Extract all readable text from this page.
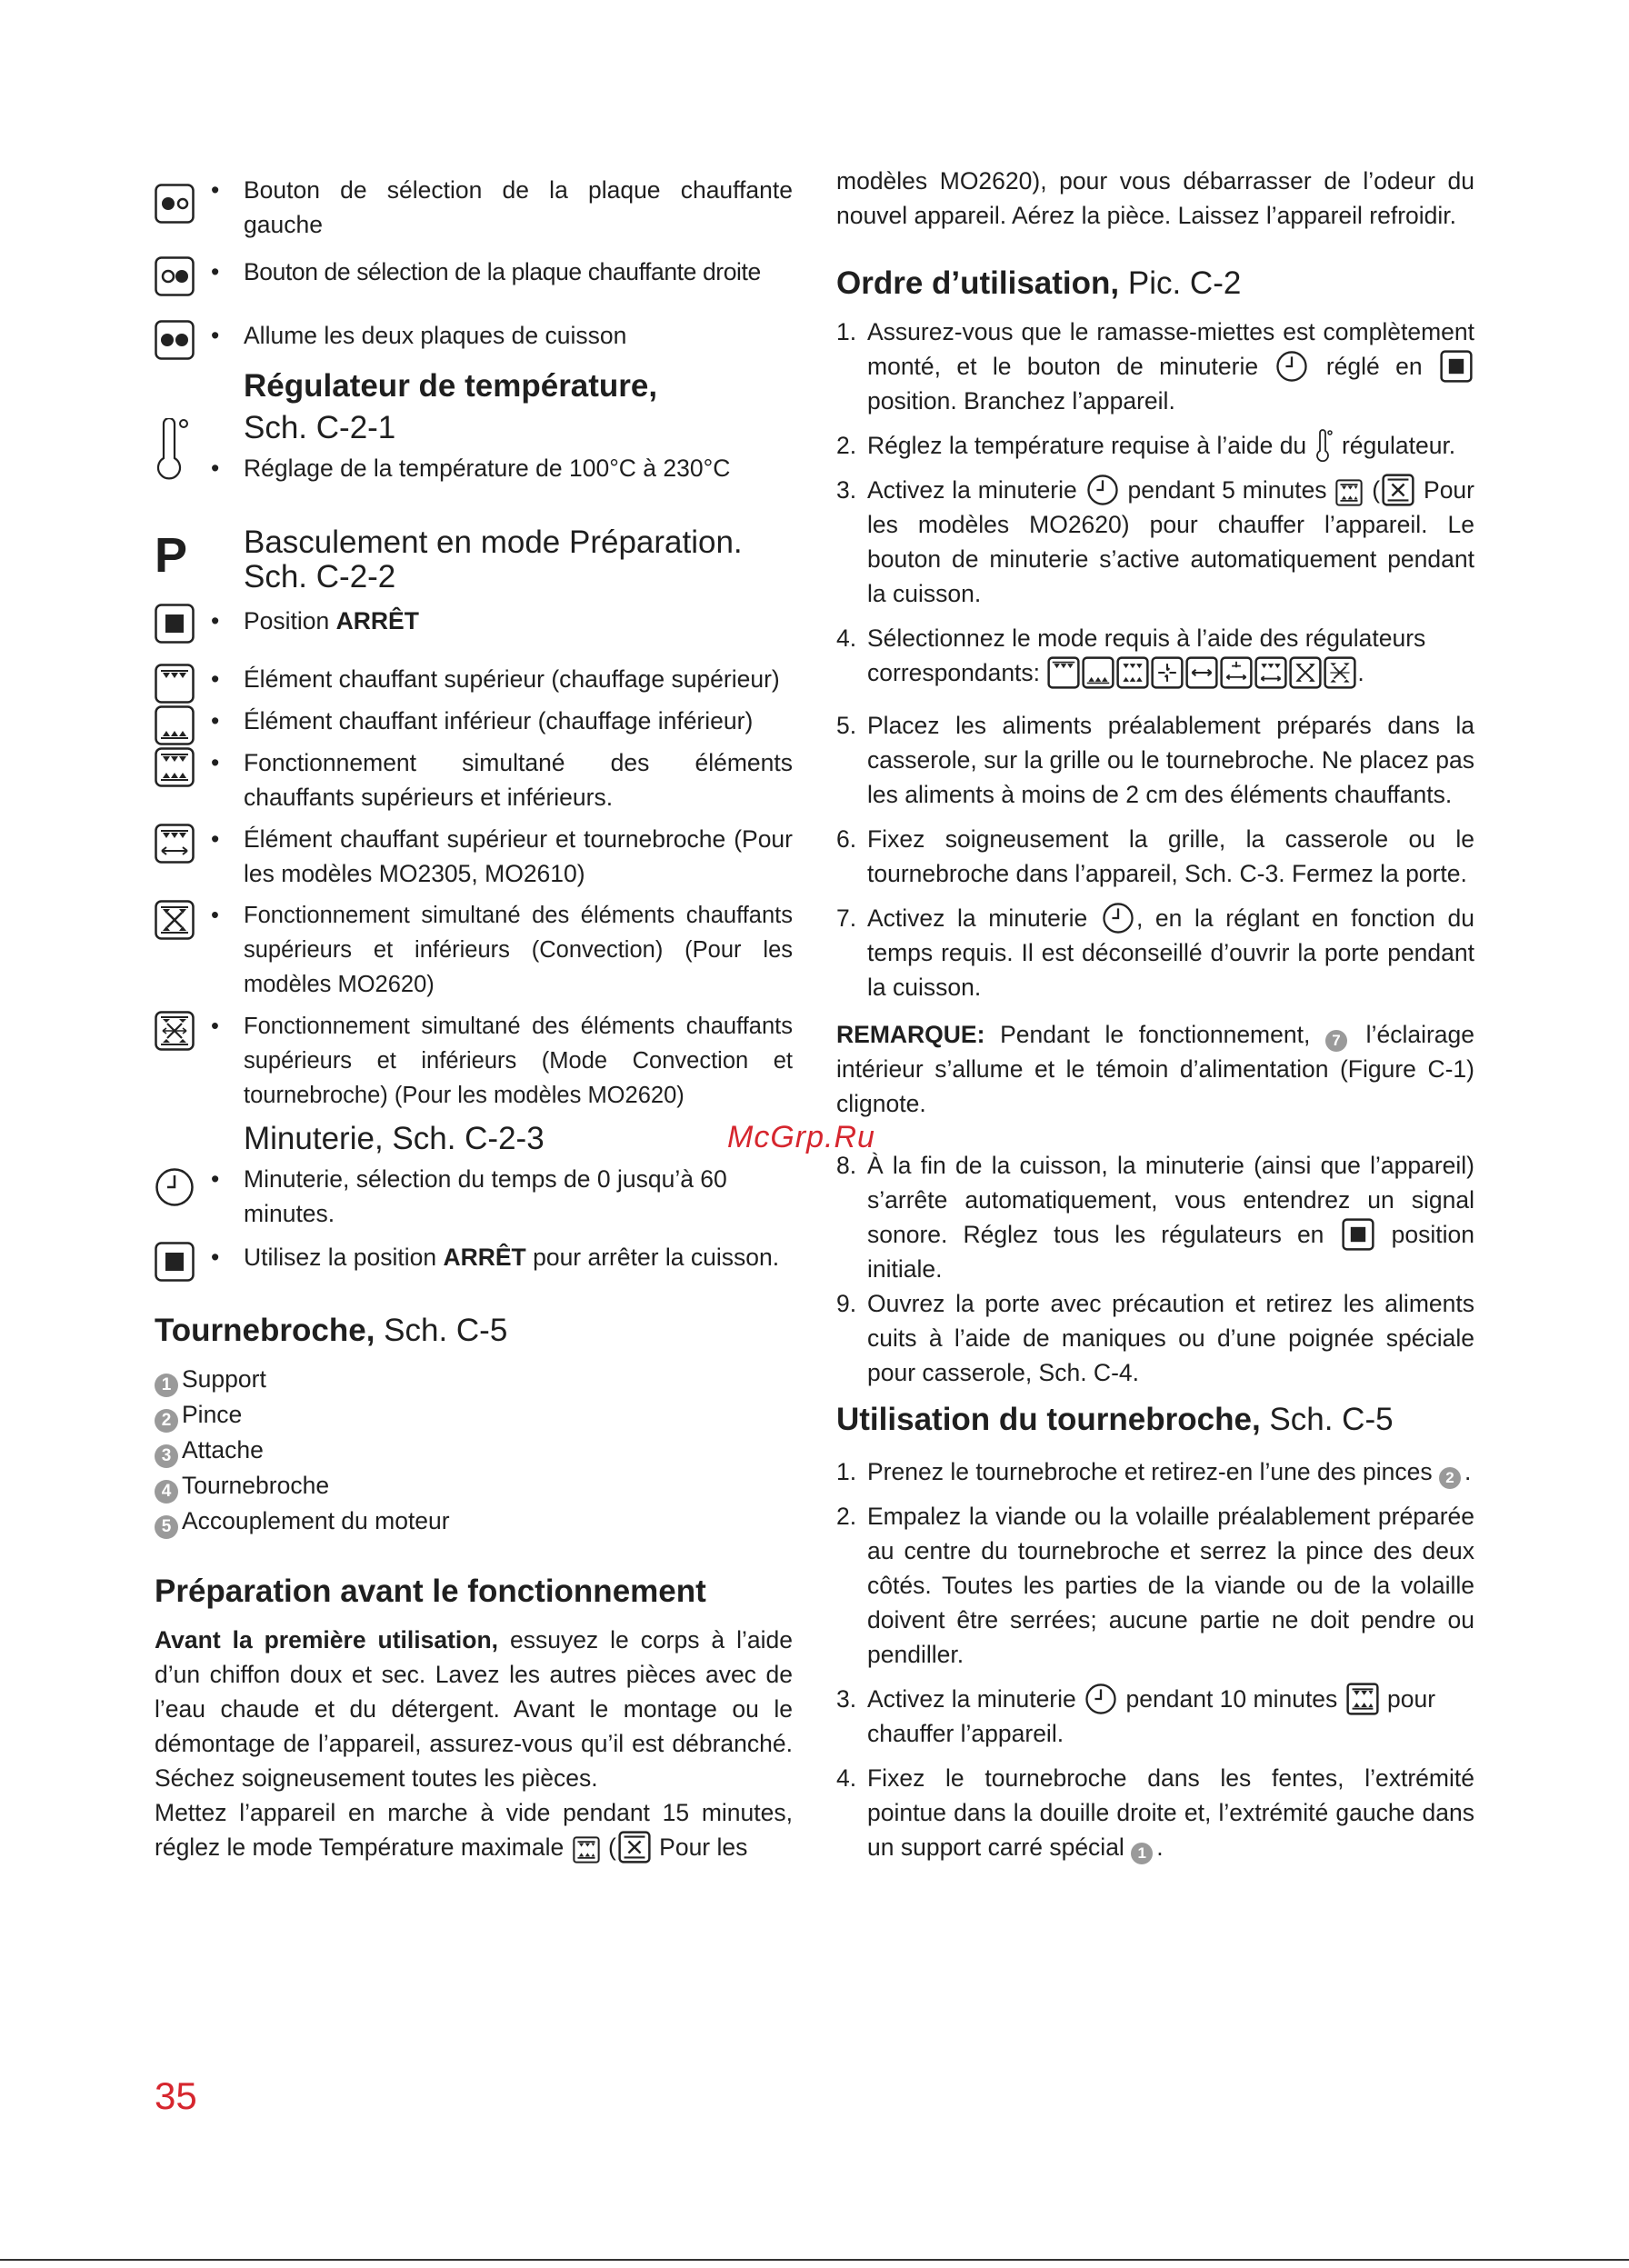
• Bouton de sélection de la plaque chauffante gauche
• Bouton de sélection de la plaque chauffante droite
• Allume les deux plaques de cuisson
Régulateur de température,
Sch. C-2-1
• Réglage de la température de 100°C à 230°C
P Basculement en mode Préparation.
Sch. C-2-2
• Position ARRÊT
• Élément chauffant supérieur (chauffage supérieur)
• Élément chauffant inférieur (chauffage inférieur)
• Fonctionnement simultané des éléments chauffants supérieurs et inférieurs.
• Élément chauffant supérieur et tournebroche (Pour les modèles MO2305, MO2610)
• Fonctionnement simultané des éléments chauffants supérieurs et inférieurs (Convection) (Pour les modèles MO2620)
• Fonctionnement simultané des éléments chauffants supérieurs et inférieurs (Mode Convection et tournebroche) (Pour les modèles MO2620)
Minuterie, Sch. C-2-3
• Minuterie, sélection du temps de 0 jusqu’à 60 minutes.
• Utilisez la position ARRÊT pour arrêter la cuisson.
Tournebroche, Sch. C-5
1 Support
2 Pince
3 Attache
4 Tournebroche
5 Accouplement du moteur
Préparation avant le fonctionnement

Avant la première utilisation, essuyez le corps à l’aide d’un chiffon doux et sec. Lavez les autres pièces avec de l’eau chaude et du détergent. Avant le montage ou le démontage de l’appareil, assurez-vous qu’il est débranché. Séchez soigneusement toutes les pièces.

Mettez l’appareil en marche à vide pendant 15 minutes, réglez le mode Température maximale  ( Pour les

modèles MO2620), pour vous débarrasser de l’odeur du nouvel appareil. Aérez la pièce. Laissez l’appareil refroidir.

Ordre d’utilisation, Pic. C-2
1. Assurez-vous que le ramasse-miettes est complètement monté, et le bouton de minuterie	réglé en  position. Branchez l’appareil.
2. Réglez la température requise à l’aide du régulateur.
3. Activez la minuterie pendant 5 minutes  ( Pour les modèles MO2620) pour chauffer l’appareil. Le bouton de minuterie s’active automatiquement pendant la cuisson.
4. Sélectionnez le mode requis à l’aide des régulateurs correspondants:	.
5. Placez les aliments préalablement préparés dans la casserole, sur la grille ou le tournebroche. Ne placez pas les aliments à moins de 2 cm des éléments chauffants.
6. Fixez soigneusement la grille, la casserole ou le tournebroche dans l’appareil, Sch. C-3. Fermez la porte.
7. Activez la minuterie , en la réglant en fonction du temps requis. Il est déconseillé d’ouvrir la porte pendant la cuisson.

REMARQUE: Pendant le fonctionnement, 7 l’éclairage intérieur s’allume et le témoin d’alimentation (Figure C-1) clignote.

8. À la fin de la cuisson, la minuterie (ainsi que l’appareil) s’arrête automatiquement, vous entendrez un signal sonore. Réglez tous les régulateurs en	position initiale.
9. Ouvrez la porte avec précaution et retirez les aliments cuits à l’aide de maniques ou d’une poignée spéciale pour casserole, Sch. C-4.
Utilisation du tournebroche, Sch. C-5
1. Prenez le tournebroche et retirez-en l’une des pinces 2 .
2. Empalez la viande ou la volaille préalablement préparée au centre du tournebroche et serrez la pince des deux côtés. Toutes les parties de la viande ou de la volaille doivent être serrées; aucune partie ne doit pendre ou pendiller.
3. Activez la minuterie pendant 10 minutes pour chauffer l’appareil.
4. Fixez le tournebroche dans les fentes, l’extrémité pointue dans la douille droite et, l’extrémité gauche dans un support carré spécial 1 .
McGrp.Ru
35
